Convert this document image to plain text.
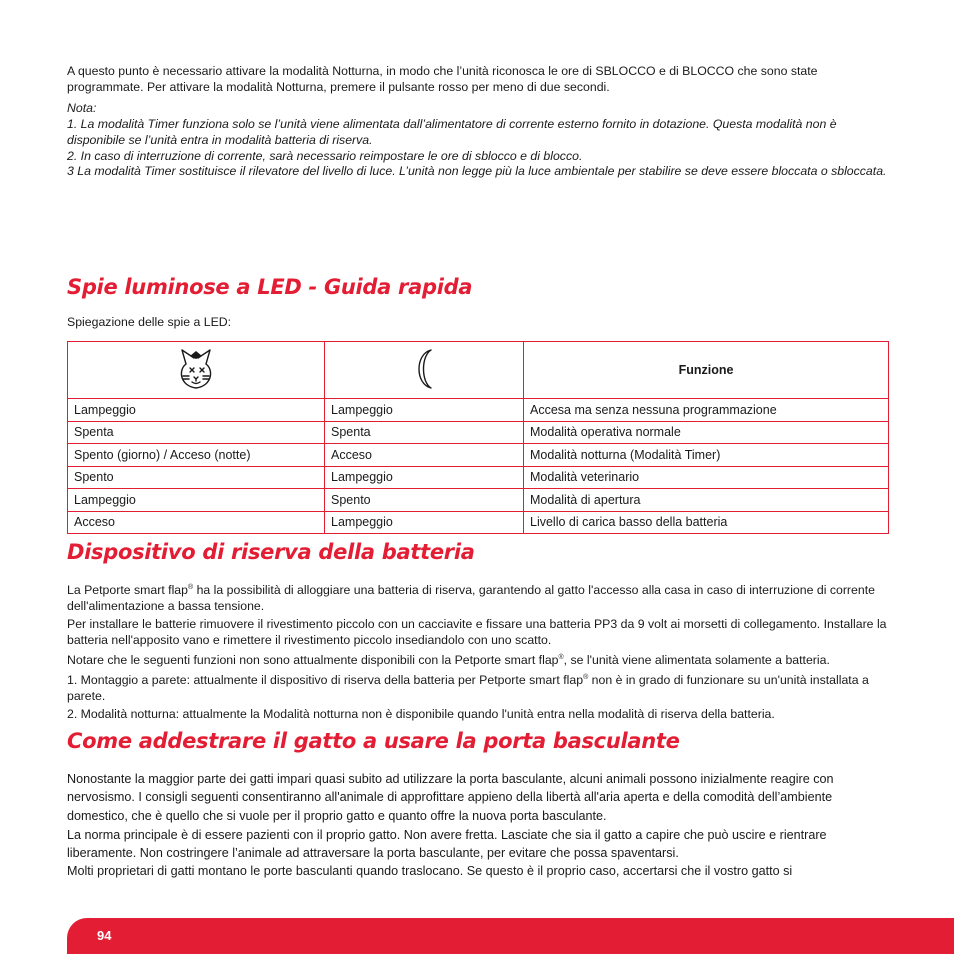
A questo punto è necessario attivare la modalità Notturna, in modo che l’unità riconosca le ore di SBLOCCO e di BLOCCO che sono state programmate. Per attivare la modalità Notturna, premere il pulsante rosso per meno di due secondi.

Nota:

1. La modalità Timer funziona solo se l’unità viene alimentata dall’alimentatore di corrente esterno fornito in dotazione. Questa modalità non è disponibile se l’unità entra in modalità batteria di riserva.

2. In caso di interruzione di corrente, sarà necessario reimpostare le ore di sblocco e di blocco.

3 La modalità Timer sostituisce il rilevatore del livello di luce. L’unità non legge più la luce ambientale per stabilire se deve essere bloccata o sbloccata.

Spie luminose a LED - Guida rapida

Spiegazione delle spie a LED:

		Funzione
Lampeggio	Lampeggio	Accesa ma senza nessuna programmazione
Spenta	Spenta	Modalità operativa normale
Spento (giorno) / Acceso (notte)	Acceso	Modalità notturna (Modalità Timer)
Spento	Lampeggio	Modalità veterinario
Lampeggio	Spento	Modalità di apertura
Acceso	Lampeggio	Livello di carica basso della batteria
Dispositivo di riserva della batteria

La Petporte smart flap® ha la possibilità di alloggiare una batteria di riserva, garantendo al gatto l'accesso alla casa in caso di interruzione di corrente dell'alimentazione a bassa tensione.

Per installare le batterie rimuovere il rivestimento piccolo con un cacciavite e fissare una batteria PP3 da 9 volt ai morsetti di collegamento. Installare la batteria nell'apposito vano e rimettere il rivestimento piccolo insediandolo con uno scatto.

Notare che le seguenti funzioni non sono attualmente disponibili con la Petporte smart flap®, se l'unità viene alimentata solamente a batteria.

1. Montaggio a parete: attualmente il dispositivo di riserva della batteria per Petporte smart flap® non è in grado di funzionare su un'unità installata a parete.

2. Modalità notturna: attualmente la Modalità notturna non è disponibile quando l'unità entra nella modalità di riserva della batteria.

Come addestrare il gatto a usare la porta basculante

Nonostante la maggior parte dei gatti impari quasi subito ad utilizzare la porta basculante, alcuni animali possono inizialmente reagire con nervosismo. I consigli seguenti consentiranno all'animale di approfittare appieno della libertà all'aria aperta e della comodità dell’ambiente domestico, che è quello che si vuole per il proprio gatto e quanto offre la nuova porta basculante.

La norma principale è di essere pazienti con il proprio gatto. Non avere fretta. Lasciate che sia il gatto a capire che può uscire e rientrare liberamente. Non costringere l’animale ad attraversare la porta basculante, per evitare che possa spaventarsi.

Molti proprietari di gatti montano le porte basculanti quando traslocano. Se questo è il proprio caso, accertarsi che il vostro gatto si

94
